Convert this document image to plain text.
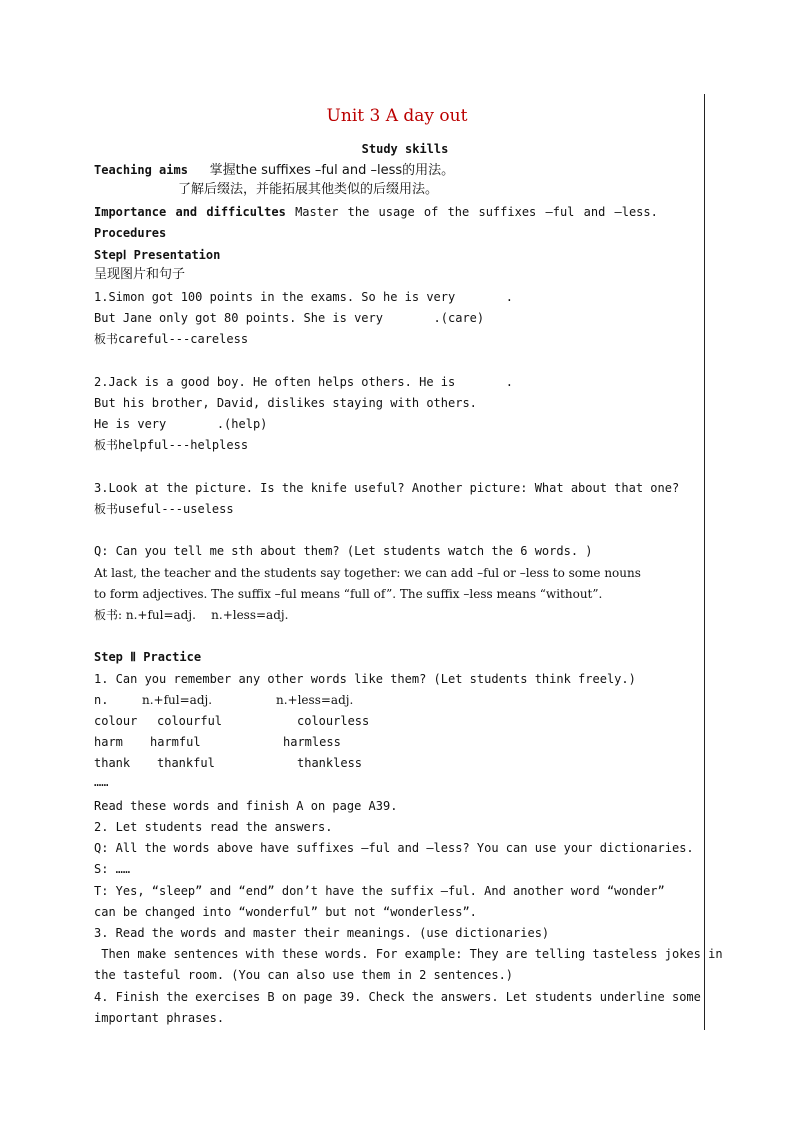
Unit 3 A day out
Study skills
Teaching aims 掌握the suffixes –ful and –less的用法。
了解后缀法，并能拓展其他类似的后缀用法。
Importance and difficultes Master the usage of the suffixes –ful and –less.
Procedures
StepⅠ Presentation
呈现图片和句子
1.Simon got 100 points in the exams. So he is very       .
But Jane only got 80 points. She is very       .(care)
板书careful---careless
2.Jack is a good boy. He often helps others. He is       .
But his brother, David, dislikes staying with others.
He is very       .(help)
板书helpful---helpless
3.Look at the picture. Is the knife useful? Another picture: What about that one?
板书useful---useless
Q: Can you tell me sth about them? (Let students watch the 6 words. )
At last, the teacher and the students say together: we can add –ful or –less to some nouns
to form adjectives. The suffix –ful means “full of”. The suffix –less means “without”.
板书: n.+ful=adj.    n.+less=adj.
Step Ⅱ Practice
1. Can you remember any other words like them? (Let students think freely.)
n.	n.+ful=adj.	n.+less=adj.
colour colourful	colourless
harm harmful	harmless
thank thankful	thankless
……
Read these words and finish A on page A39.
2. Let students read the answers.
Q: All the words above have suffixes –ful and –less? You can use your dictionaries.
S: ……
T: Yes, “sleep” and “end” don’t have the suffix –ful. And another word “wonder”
can be changed into “wonderful” but not “wonderless”.
3. Read the words and master their meanings. (use dictionaries)
Then make sentences with these words. For example: They are telling tasteless jokes in
the tasteful room. (You can also use them in 2 sentences.)
4. Finish the exercises B on page 39. Check the answers. Let students underline some
important phrases.
